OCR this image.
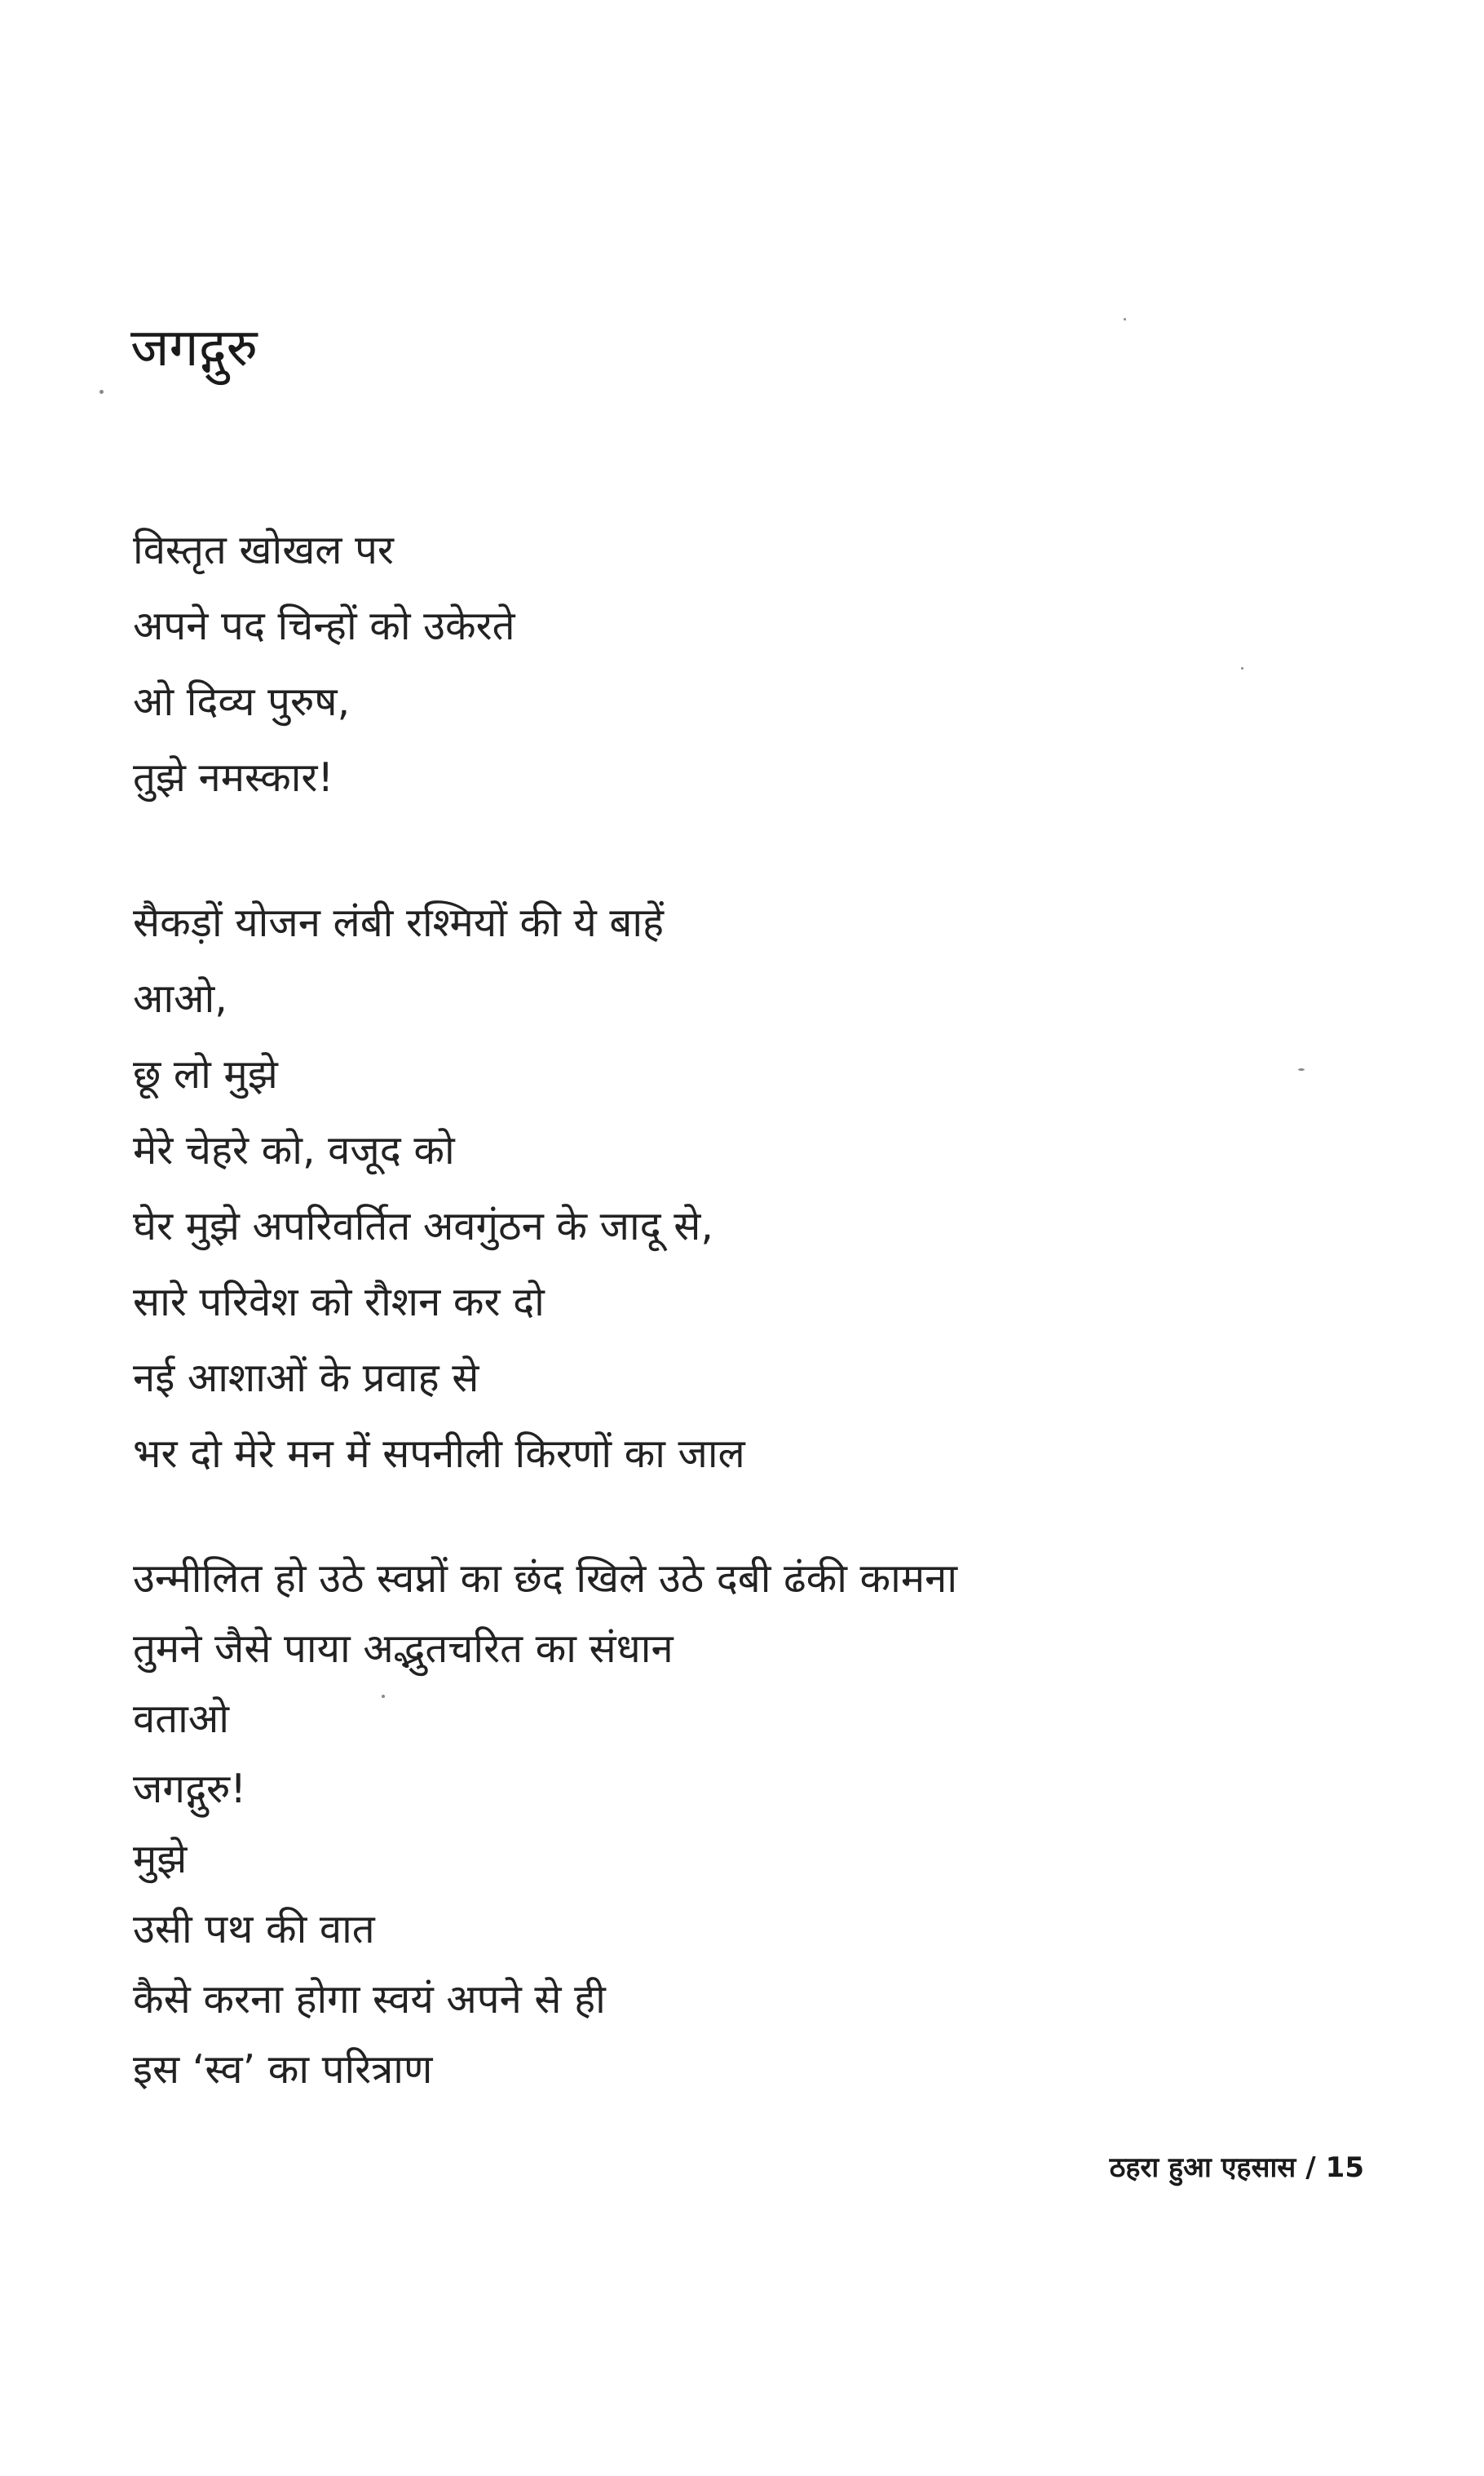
जगद्गुरु
विस्तृत खोखल पर
अपने पद चिन्हों को उकेरते
ओ दिव्य पुरुष,
तुझे नमस्कार!
सैकड़ों योजन लंबी रश्मियों की ये बाहें
आओ,
छू लो मुझे
मेरे चेहरे को, वजूद को
घेर मुझे अपरिवर्तित अवगुंठन के जादू से,
सारे परिवेश को रौशन कर दो
नई आशाओं के प्रवाह से
भर दो मेरे मन में सपनीली किरणों का जाल
उन्मीलित हो उठे स्वप्नों का छंद खिले उठे दबी ढंकी कामना
तुमने जैसे पाया अद्भुतचरित का संधान
वताओ
जगद्गुरु!
मुझे
उसी पथ की वात
कैसे करना होगा स्वयं अपने से ही
इस ‘स्व’ का परित्राण
ठहरा हुआ एहसास / 15
